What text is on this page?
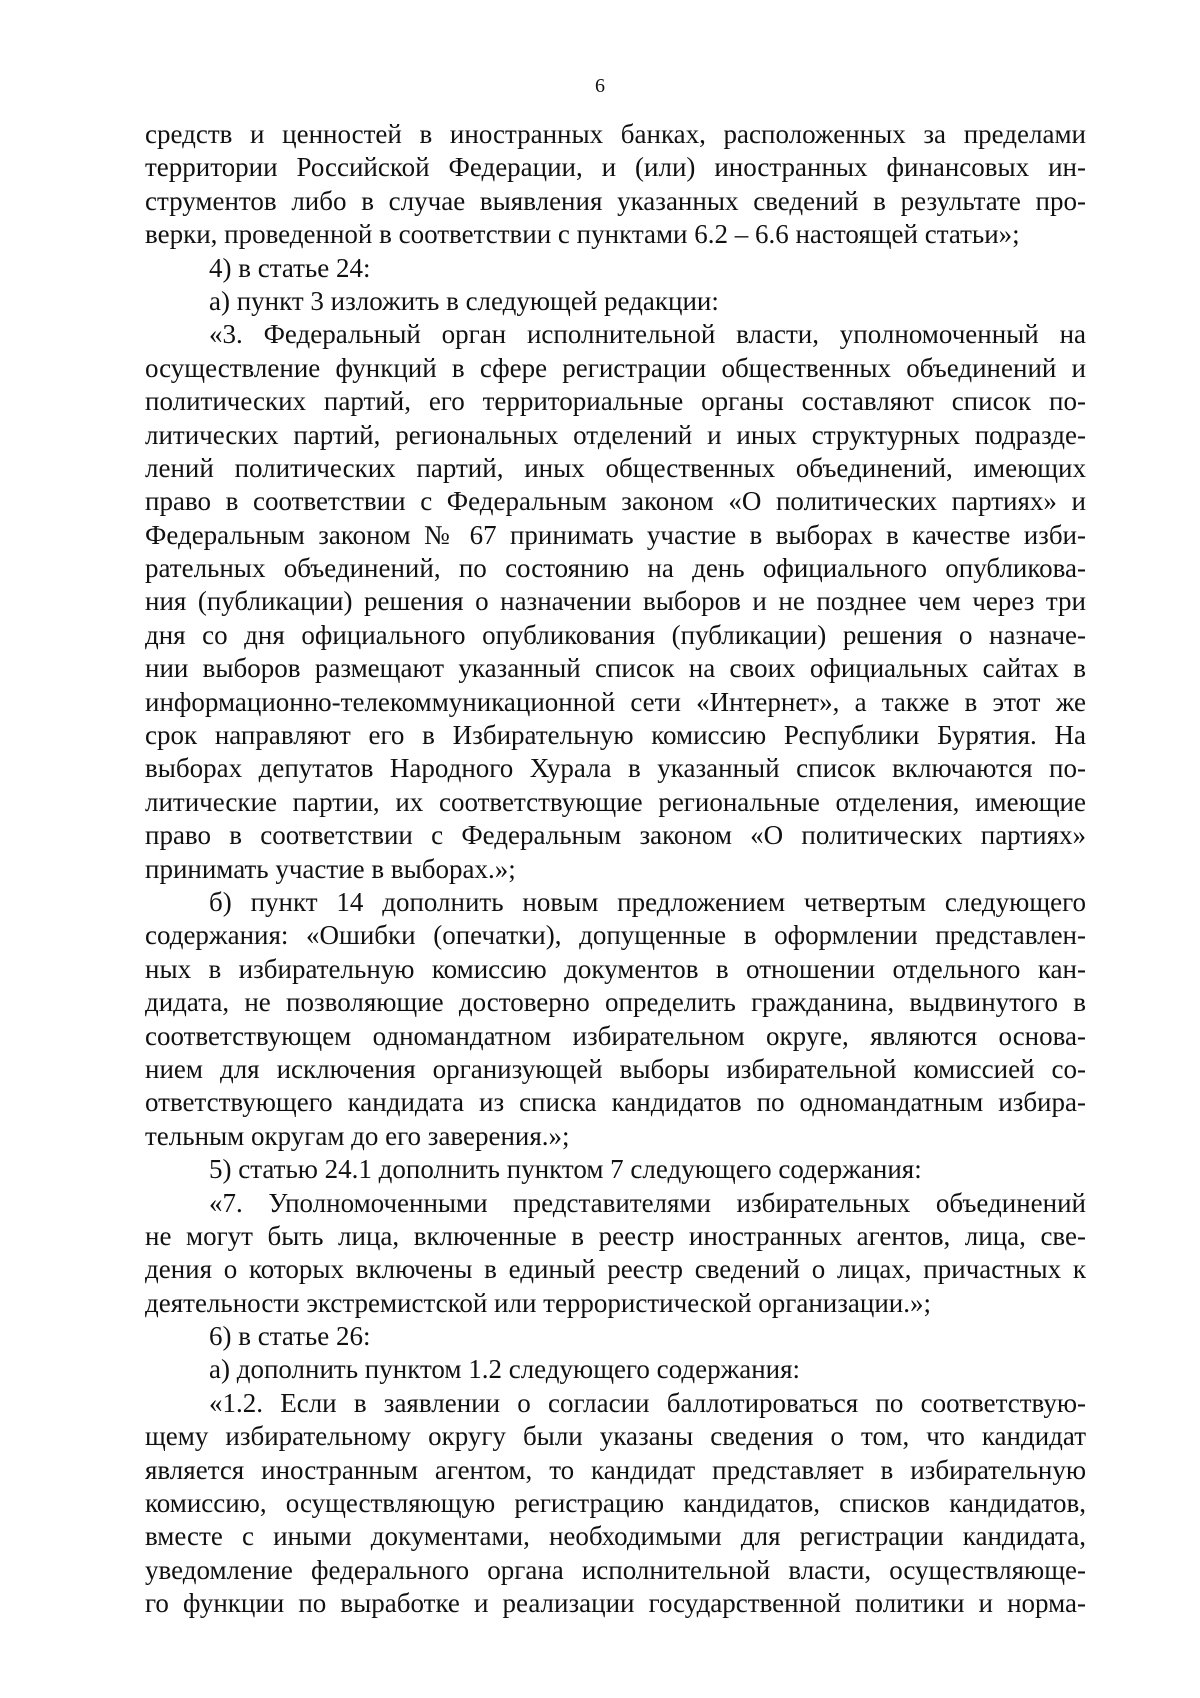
6
средств и ценностей в иностранных банках, расположенных за пределами
территории Российской Федерации, и (или) иностранных финансовых ин-
струментов либо в случае выявления указанных сведений в результате про-
верки, проведенной в соответствии с пунктами 6.2 – 6.6 настоящей статьи»;
4) в статье 24:
а) пункт 3 изложить в следующей редакции:
«3. Федеральный орган исполнительной власти, уполномоченный на
осуществление функций в сфере регистрации общественных объединений и
политических партий, его территориальные органы составляют список по-
литических партий, региональных отделений и иных структурных подразде-
лений политических партий, иных общественных объединений, имеющих
право в соответствии с Федеральным законом «О политических партиях» и
Федеральным законом № 67 принимать участие в выборах в качестве изби-
рательных объединений, по состоянию на день официального опубликова-
ния (публикации) решения о назначении выборов и не позднее чем через три
дня со дня официального опубликования (публикации) решения о назначе-
нии выборов размещают указанный список на своих официальных сайтах в
информационно-телекоммуникационной сети «Интернет», а также в этот же
срок направляют его в Избирательную комиссию Республики Бурятия. На
выборах депутатов Народного Хурала в указанный список включаются по-
литические партии, их соответствующие региональные отделения, имеющие
право в соответствии с Федеральным законом «О политических партиях»
принимать участие в выборах.»;
б) пункт 14 дополнить новым предложением четвертым следующего
содержания: «Ошибки (опечатки), допущенные в оформлении представлен-
ных в избирательную комиссию документов в отношении отдельного кан-
дидата, не позволяющие достоверно определить гражданина, выдвинутого в
соответствующем одномандатном избирательном округе, являются основа-
нием для исключения организующей выборы избирательной комиссией со-
ответствующего кандидата из списка кандидатов по одномандатным избира-
тельным округам до его заверения.»;
5) статью 24.1 дополнить пунктом 7 следующего содержания:
«7. Уполномоченными представителями избирательных объединений
не могут быть лица, включенные в реестр иностранных агентов, лица, све-
дения о которых включены в единый реестр сведений о лицах, причастных к
деятельности экстремистской или террористической организации.»;
6) в статье 26:
а) дополнить пунктом 1.2 следующего содержания:
«1.2. Если в заявлении о согласии баллотироваться по соответствую-
щему избирательному округу были указаны сведения о том, что кандидат
является иностранным агентом, то кандидат представляет в избирательную
комиссию, осуществляющую регистрацию кандидатов, списков кандидатов,
вместе с иными документами, необходимыми для регистрации кандидата,
уведомление федерального органа исполнительной власти, осуществляюще-
го функции по выработке и реализации государственной политики и норма-
